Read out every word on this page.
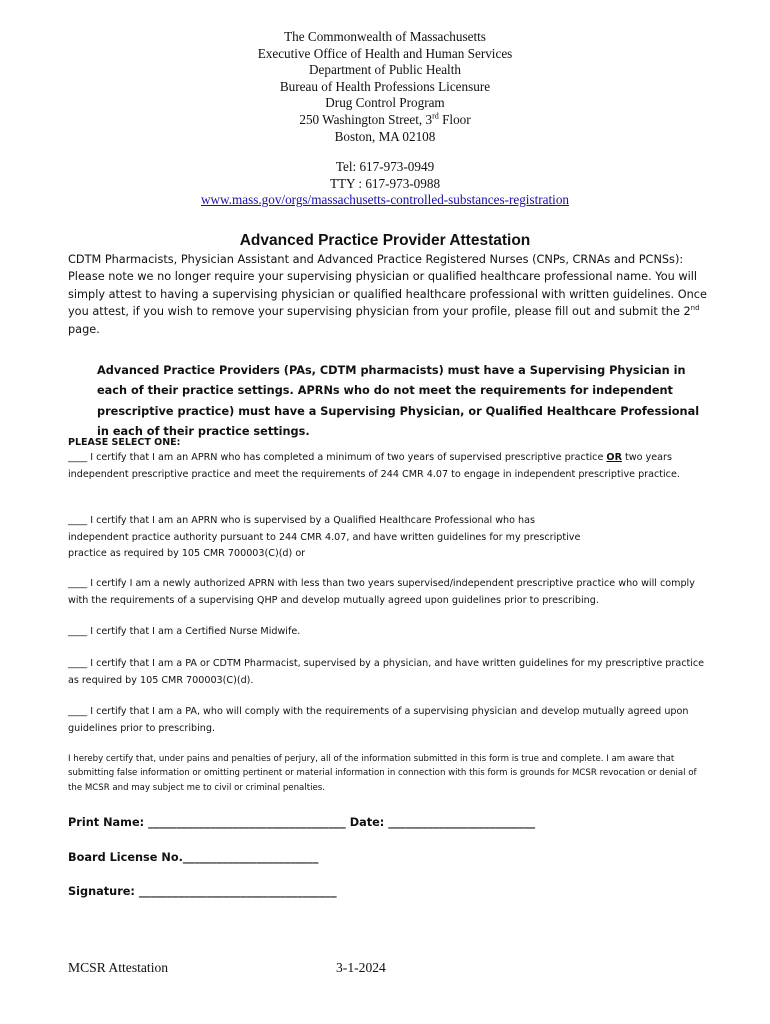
The Commonwealth of Massachusetts
Executive Office of Health and Human Services
Department of Public Health
Bureau of Health Professions Licensure
Drug Control Program
250 Washington Street, 3rd Floor
Boston, MA 02108
Tel: 617-973-0949
TTY : 617-973-0988
www.mass.gov/orgs/massachusetts-controlled-substances-registration
Advanced Practice Provider Attestation
CDTM Pharmacists, Physician Assistant and Advanced Practice Registered Nurses (CNPs, CRNAs and PCNSs): Please note we no longer require your supervising physician or qualified healthcare professional name. You will simply attest to having a supervising physician or qualified healthcare professional with written guidelines. Once you attest, if you wish to remove your supervising physician from your profile, please fill out and submit the 2nd page.
Advanced Practice Providers (PAs, CDTM pharmacists) must have a Supervising Physician in each of their practice settings. APRNs who do not meet the requirements for independent prescriptive practice) must have a Supervising Physician, or Qualified Healthcare Professional in each of their practice settings.
PLEASE SELECT ONE:
____ I certify that I am an APRN who has completed a minimum of two years of supervised prescriptive practice OR two years independent prescriptive practice and meet the requirements of 244 CMR 4.07 to engage in independent prescriptive practice.
____ I certify that I am an APRN who is supervised by a Qualified Healthcare Professional who has
independent practice authority pursuant to 244 CMR 4.07, and have written guidelines for my prescriptive
practice as required by 105 CMR 700003(C)(d) or
____ I certify I am a newly authorized APRN with less than two years supervised/independent prescriptive practice who will comply with the requirements of a supervising QHP and develop mutually agreed upon guidelines prior to prescribing.
____ I certify that I am a Certified Nurse Midwife.
____ I certify that I am a PA or CDTM Pharmacist, supervised by a physician, and have written guidelines for my prescriptive practice as required by 105 CMR 700003(C)(d).
____ I certify that I am a PA, who will comply with the requirements of a supervising physician and develop mutually agreed upon guidelines prior to prescribing.
I hereby certify that, under pains and penalties of perjury, all of the information submitted in this form is true and complete. I am aware that submitting false information or omitting pertinent or material information in connection with this form is grounds for MCSR revocation or denial of the MCSR and may subject me to civil or criminal penalties.
Print Name: ___________________________________ Date: __________________________
Board License No.________________________
Signature: ___________________________________
MCSR Attestation	3-1-2024
